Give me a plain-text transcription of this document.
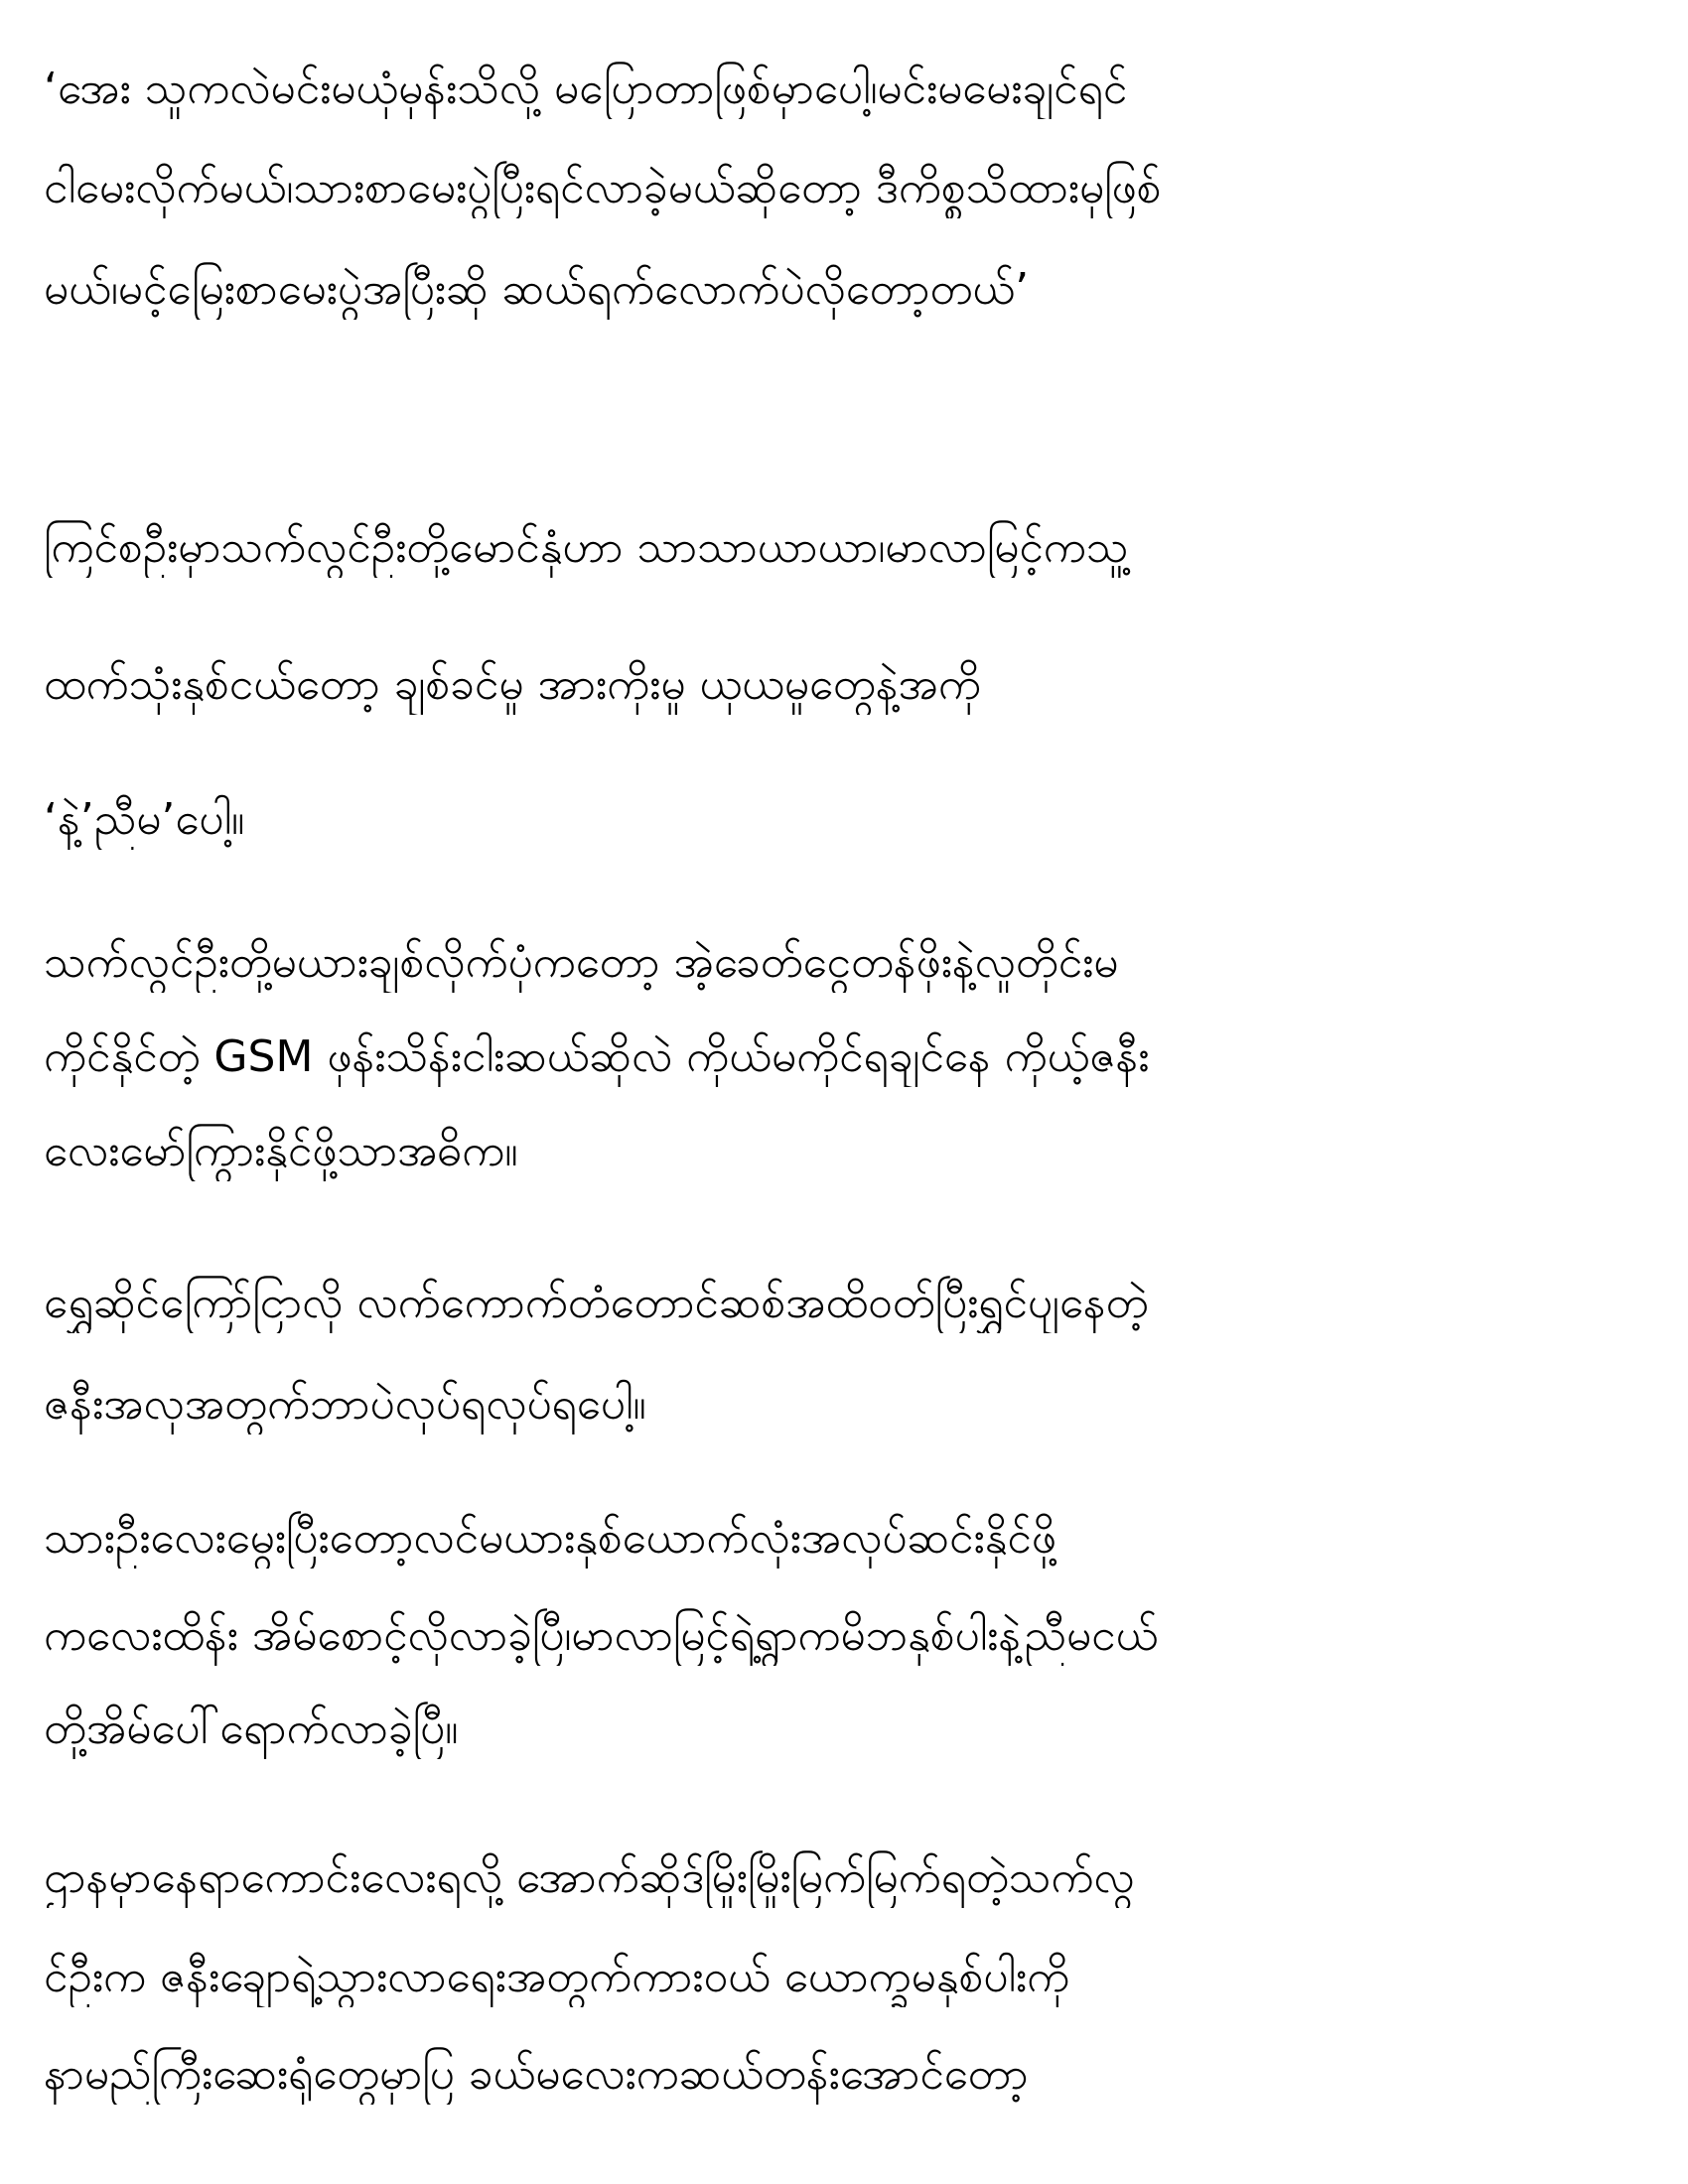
‘အေး သူကလဲမင်းမယုံမှန်းသိလို့ မပြောတာဖြစ်မှာပေါ့၊မင်းမမေးချင်ရင်
ငါမေးလိုက်မယ်၊သားစာမေးပွဲပြီးရင်လာခဲ့မယ်ဆိုတော့ ဒီကိစ္စသိထားမှဖြစ်
မယ်၊မင့်မြေးစာမေးပွဲအပြီးဆို ဆယ်ရက်လောက်ပဲလိုတော့တယ်’
ကြင်စဦးမှာသက်လွင်ဦးတို့မောင်နှံဟာ သာသာယာယာ၊မာလာမြင့်ကသူ့
ထက်သုံးနှစ်ငယ်တော့ ချစ်ခင်မှု အားကိုးမှု ယုယမှုတွေနဲ့အကို
‘နဲ့’ညီမ’ပေါ့။
သက်လွင်ဦးတို့မယားချစ်လိုက်ပုံကတော့ အဲ့ခေတ်ငွေတန်ဖိုးနဲ့လူတိုင်းမ
ကိုင်နိုင်တဲ့ GSM ဖုန်းသိန်းငါးဆယ်ဆိုလဲ ကိုယ်မကိုင်ရချင်နေ ကိုယ့်ဇနီး
လေးမော်ကြွားနိုင်ဖို့သာအဓိက။
ရွှေဆိုင်ကြော်ငြာလို လက်ကောက်တံတောင်ဆစ်အထိဝတ်ပြီးရွှင်ပျနေတဲ့
ဇနီးအလှအတွက်ဘာပဲလုပ်ရလုပ်ရပေါ့။
သားဦးလေးမွေးပြီးတော့လင်မယားနှစ်ယောက်လုံးအလုပ်ဆင်းနိုင်ဖို့
ကလေးထိန်း အိမ်စောင့်လိုလာခဲ့ပြီ၊မာလာမြင့်ရဲ့ရွာကမိဘနှစ်ပါးနဲ့ညီမငယ်
တို့အိမ်ပေါ်ရောက်လာခဲ့ပြီ။
ဌာနမှာနေရာကောင်းလေးရလို့ အောက်ဆိုဒ်မြိုးမြိုးမြက်မြက်ရတဲ့သက်လွ
င်ဦးက ဇနီးချောရဲ့သွားလာရေးအတွက်ကားဝယ် ယောက္ခမနှစ်ပါးကို
နာမည်ကြီးဆေးရုံတွေမှာပြ ခယ်မလေးကဆယ်တန်းအောင်တော့
